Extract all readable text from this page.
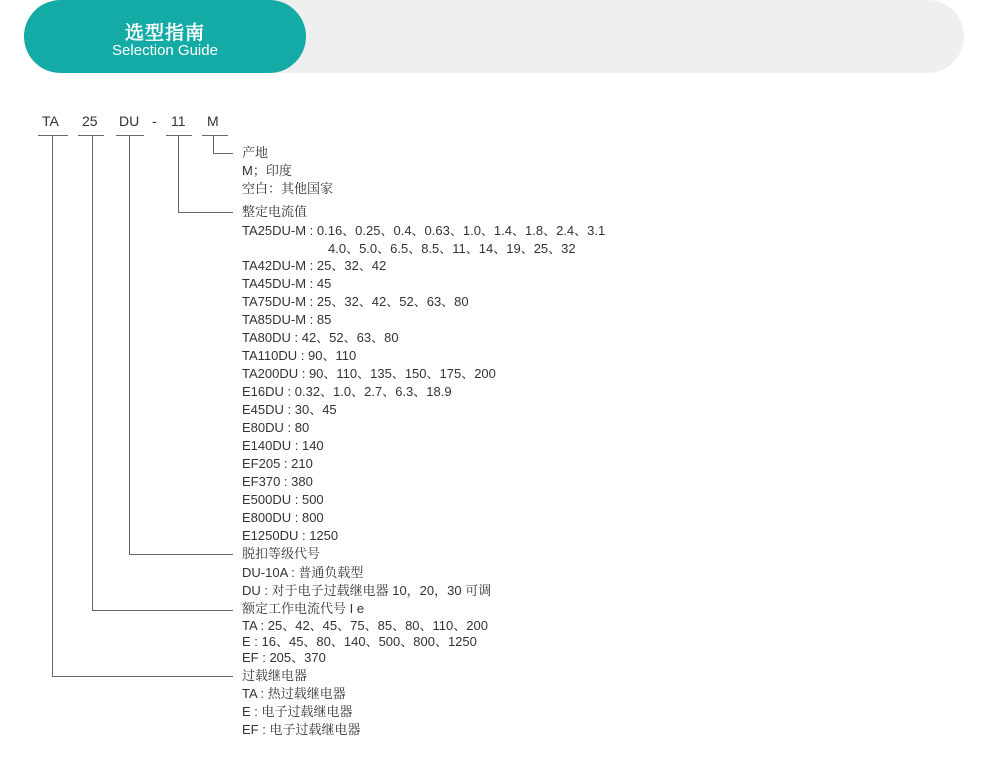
选型指南
Selection Guide
TA 25 DU - 11 M
产地
M；印度
空白：其他国家
整定电流值
TA25DU-M : 0.16、0.25、0.4、0.63、1.0、1.4、1.8、2.4、3.1
4.0、5.0、6.5、8.5、11、14、19、25、32
TA42DU-M : 25、32、42
TA45DU-M : 45
TA75DU-M : 25、32、42、52、63、80
TA85DU-M : 85
TA80DU : 42、52、63、80
TA110DU : 90、110
TA200DU : 90、110、135、150、175、200
E16DU : 0.32、1.0、2.7、6.3、18.9
E45DU : 30、45
E80DU : 80
E140DU : 140
EF205 : 210
EF370 : 380
E500DU : 500
E800DU : 800
E1250DU : 1250
脱扣等级代号
DU-10A : 普通负载型
DU : 对于电子过载继电器 10，20，30 可调
额定工作电流代号 I e
TA : 25、42、45、75、85、80、110、200
E : 16、45、80、140、500、800、1250
EF : 205、370
过载继电器
TA : 热过载继电器
E : 电子过载继电器
EF : 电子过载继电器
